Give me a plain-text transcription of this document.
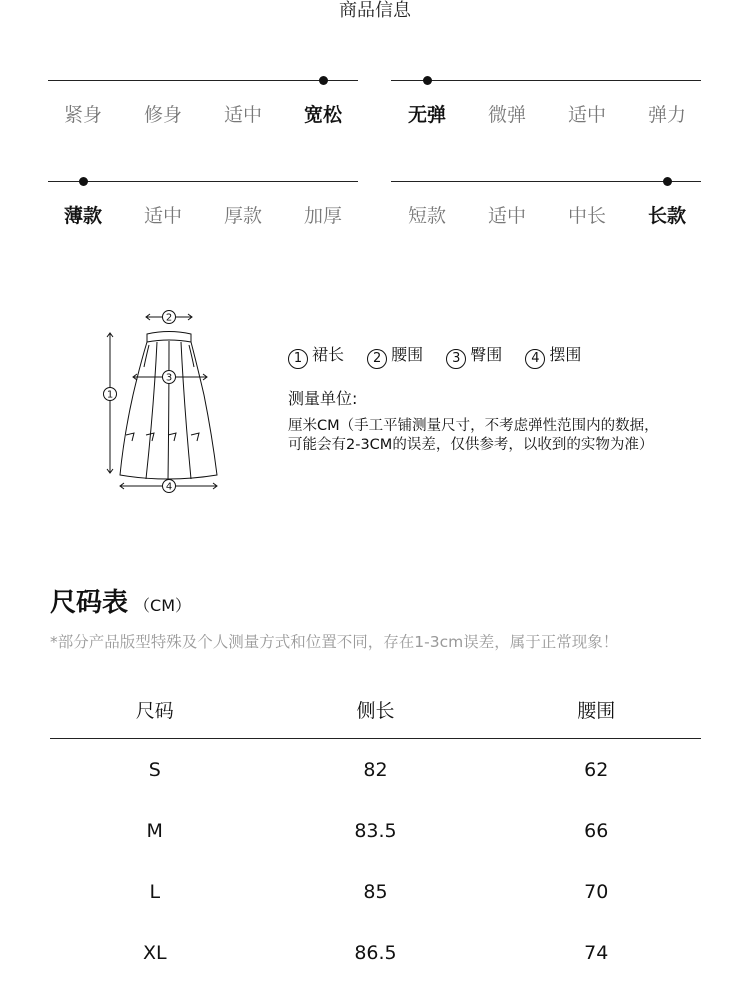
商品信息
紧身	修身	适中	宽松	无弹	微弹	适中	弹力
薄款	适中	厚款	加厚	短款	适中	中长	长款
2
1
3
4
1 裙长 2 腰围 3 臀围 4 摆围
测量单位:
厘米CM（手工平铺测量尺寸，不考虑弹性范围内的数据，
可能会有2-3CM的误差，仅供参考，以收到的实物为准）
尺码表 （CM）
*部分产品版型特殊及个人测量方式和位置不同，存在1-3cm误差，属于正常现象！
尺码	侧长	腰围
S	82	62
M	83.5	66
L	85	70
XL	86.5	74
